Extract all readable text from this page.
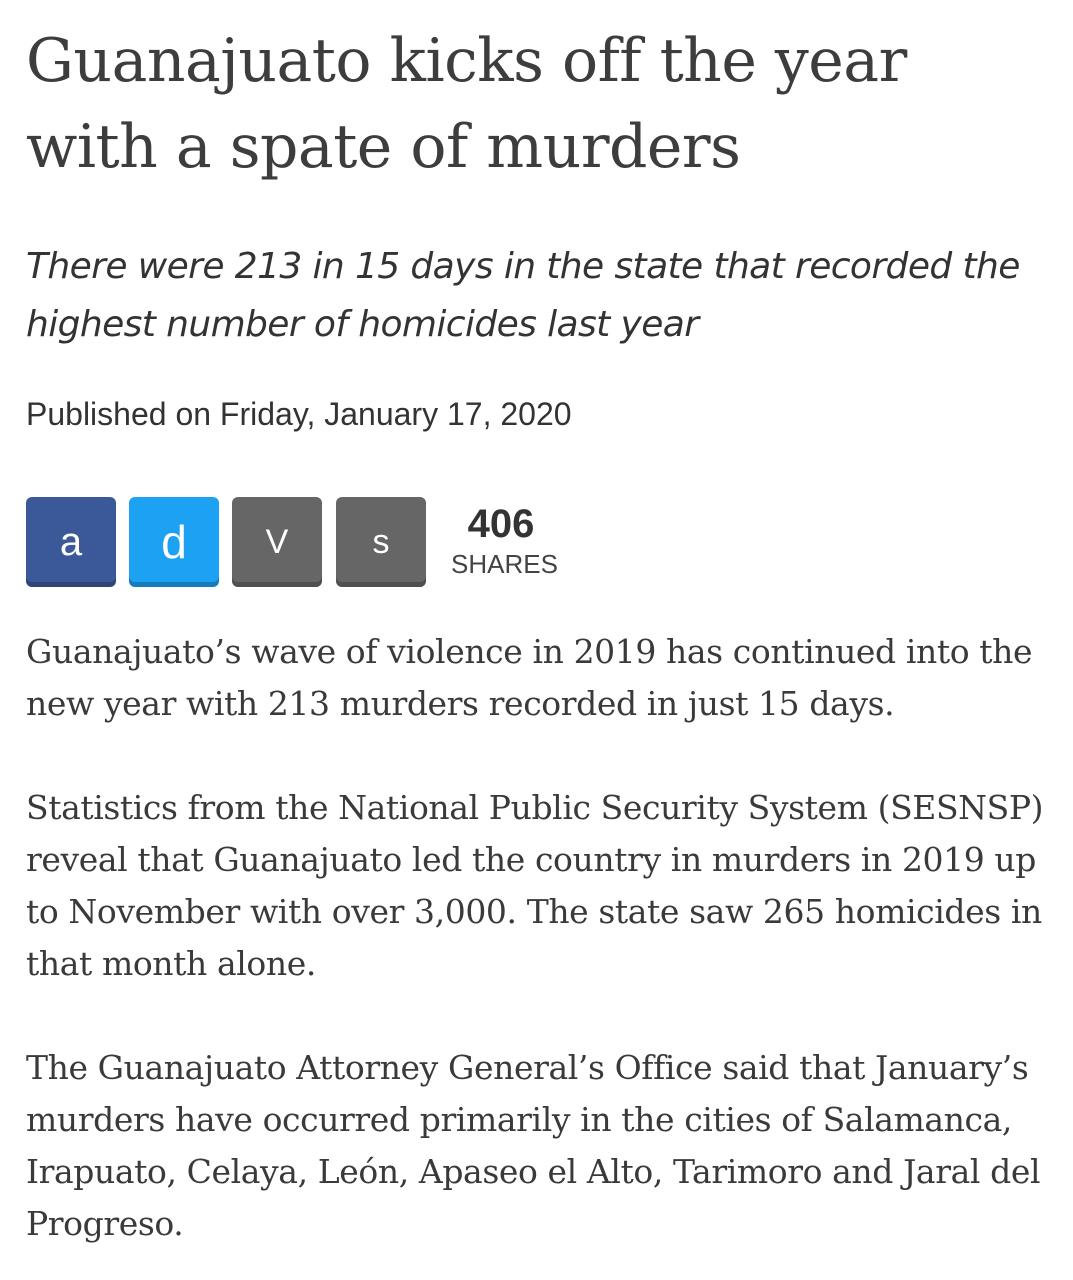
Guanajuato kicks off the year with a spate of murders

There were 213 in 15 days in the state that recorded the highest number of homicides last year

Published on Friday, January 17, 2020

a	d	V	s	406
SHARES

Guanajuato’s wave of violence in 2019 has continued into the new year with 213 murders recorded in just 15 days.

Statistics from the National Public Security System (SESNSP) reveal that Guanajuato led the country in murders in 2019 up to November with over 3,000. The state saw 265 homicides in that month alone.

The Guanajuato Attorney General’s Office said that January’s murders have occurred primarily in the cities of Salamanca, Irapuato, Celaya, León, Apaseo el Alto, Tarimoro and Jaral del Progreso.
